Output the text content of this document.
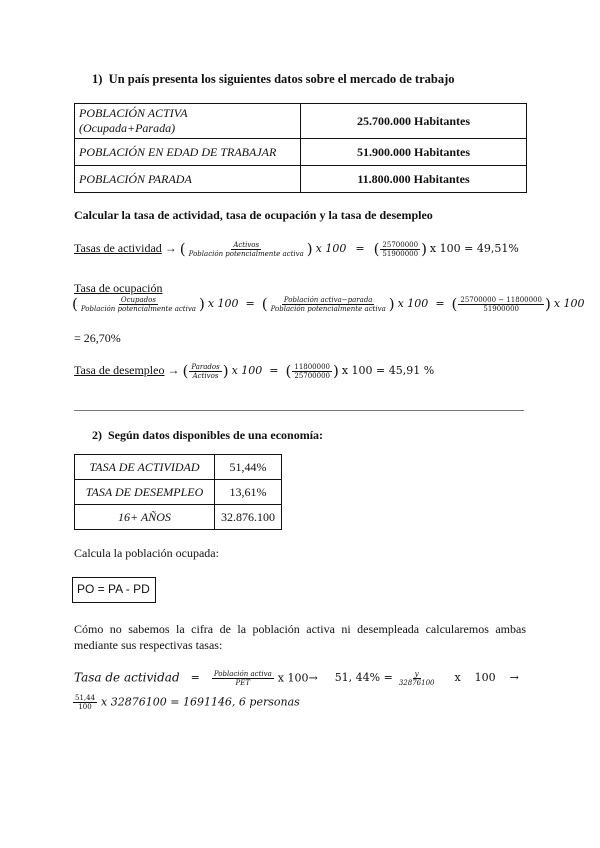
1)  Un país presenta los siguientes datos sobre el mercado de trabajo
POBLACIÓN ACTIVA
(Ocupada+Parada)	25.700.000 Habitantes
POBLACIÓN EN EDAD DE TRABAJAR	51.900.000 Habitantes
POBLACIÓN PARADA	11.800.000 Habitantes
Calcular la tasa de actividad, tasa de ocupación y la tasa de desempleo
Tasas de actividad → ( $\frac{\text{Activos}}{\text{Población potencialmente activa}}$ ) x 100 = ( $\frac{25700000}{51900000}$ ) x 100 = 49,51%
Tasa de ocupación
( $\frac{\text{Ocupados}}{\text{Población potencialmente activa}}$ ) x 100 = ( $\frac{\text{Población activa−parada}}{\text{Población potencialmente activa}}$ ) x 100 = ( $\frac{25700000 - 11800000}{51900000}$ ) x 100
= 26,70%
Tasa de desempleo → ( $\frac{\text{Parados}}{\text{Activos}}$ ) x 100 = ( $\frac{11800000}{25700000}$ ) x 100 = 45,91 %
2)  Según datos disponibles de una economía:
TASA DE ACTIVIDAD	51,44%
TASA DE DESEMPLEO	13,61%
16+ AÑOS	32.876.100
Calcula la población ocupada:
PO = PA - PD
Cómo no sabemos la cifra de la población activa ni desempleada calcularemos ambas
mediante sus respectivas tasas:
Tasa de actividad = $\frac{\text{Población activa}}{\text{PET}}$ x 100→ 51, $44\% = \frac{y}{32876100}$ x    100    →
$\frac{51,44}{100}$ x 32876100 = 1691146, 6 personas
